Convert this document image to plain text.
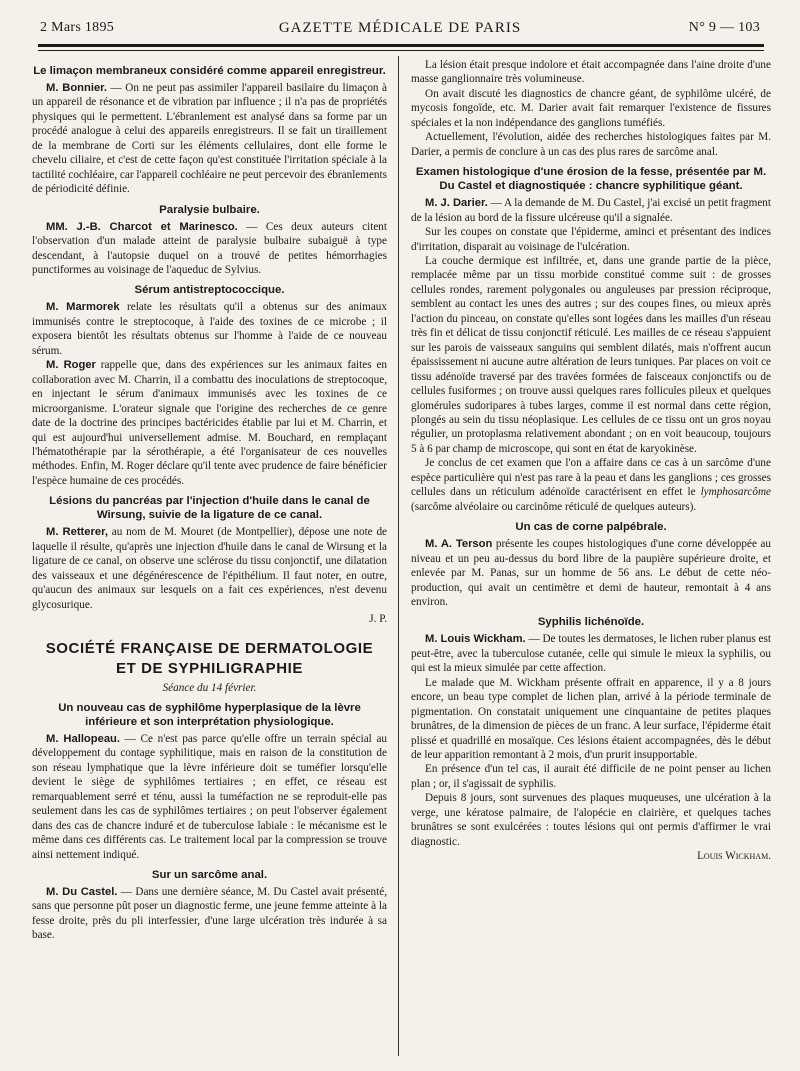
2 Mars 1895	GAZETTE MÉDICALE DE PARIS	N° 9 — 103
Le limaçon membraneux considéré comme appareil enregistreur.

M. Bonnier. — On ne peut pas assimiler l'appareil basilaire du limaçon à un appareil de résonance et de vibration par influence ; il n'a pas de propriétés physiques qui le permettent. L'ébranlement est analysé dans sa forme par un procédé analogue à celui des appareils enregistreurs. Il se fait un tiraillement de la membrane de Corti sur les éléments cellulaires, dont elle forme le chevelu ciliaire, et c'est de cette façon qu'est constituée l'irritation spéciale à la tactilité cochléaire, car l'appareil cochléaire ne peut percevoir des ébranlements de périodicité définie.

Paralysie bulbaire.

MM. J.-B. Charcot et Marinesco. — Ces deux auteurs citent l'observation d'un malade atteint de paralysie bulbaire subaiguë à type descendant, à l'autopsie duquel on a trouvé de petites hémorrhagies punctiformes au voisinage de l'aqueduc de Sylvius.

Sérum antistreptococcique.

M. Marmorek relate les résultats qu'il a obtenus sur des animaux immunisés contre le streptocoque, à l'aide des toxines de ce microbe ; il exposera bientôt les résultats obtenus sur l'homme à l'aide de ce nouveau sérum.

M. Roger rappelle que, dans des expériences sur les animaux faites en collaboration avec M. Charrin, il a combattu des inoculations de streptocoque, en injectant le sérum d'animaux immunisés avec les toxines de ce microorganisme. L'orateur signale que l'origine des recherches de ce genre date de la doctrine des principes bactéricides établie par lui et M. Charrin, et qui est aujourd'hui universellement admise. M. Bouchard, en remplaçant l'hématothérapie par la sérothérapie, a été l'organisateur de ces nouvelles méthodes. Enfin, M. Roger déclare qu'il tente avec prudence de faire bénéficier l'espèce humaine de ces procédés.

Lésions du pancréas par l'injection d'huile dans le canal de Wirsung, suivie de la ligature de ce canal.

M. Retterer, au nom de M. Mouret (de Montpellier), dépose une note de laquelle il résulte, qu'après une injection d'huile dans le canal de Wirsung et la ligature de ce canal, on observe une sclérose du tissu conjonctif, une dilatation des vaisseaux et une dégénérescence de l'épithélium. Il faut noter, en outre, qu'aucun des animaux sur lesquels on a fait ces expériences, n'est devenu glycosurique.

J. P.

SOCIÉTÉ FRANÇAISE DE DERMATOLOGIE
ET DE SYPHILIGRAPHIE

Séance du 14 février.

Un nouveau cas de syphilôme hyperplasique de la lèvre inférieure et son interprétation physiologique.

M. Hallopeau. — Ce n'est pas parce qu'elle offre un terrain spécial au développement du contage syphilitique, mais en raison de la constitution de son réseau lymphatique que la lèvre inférieure doit se tuméfier lorsqu'elle devient le siège de syphilômes tertiaires ; en effet, ce réseau est remarquablement serré et ténu, aussi la tuméfaction ne se reproduit-elle pas seulement dans les cas de syphilômes tertiaires ; on peut l'observer également dans des cas de chancre induré et de tuberculose labiale : le mécanisme est le même dans ces différents cas. Le traitement local par la compression se trouve ainsi nettement indiqué.

Sur un sarcôme anal.

M. Du Castel. — Dans une dernière séance, M. Du Castel avait présenté, sans que personne pût poser un diagnostic ferme, une jeune femme atteinte à la fesse droite, près du pli interfessier, d'une large ulcération très indurée à sa base.

La lésion était presque indolore et était accompagnée dans l'aine droite d'une masse ganglionnaire très volumineuse.

On avait discuté les diagnostics de chancre géant, de syphilôme ulcéré, de mycosis fongoïde, etc. M. Darier avait fait remarquer l'existence de fissures spéciales et la non indépendance des ganglions tuméfiés.

Actuellement, l'évolution, aidée des recherches histologiques faites par M. Darier, a permis de conclure à un cas des plus rares de sarcôme anal.

Examen histologique d'une érosion de la fesse, présentée par M. Du Castel et diagnostiquée : chancre syphilitique géant.

M. J. Darier. — A la demande de M. Du Castel, j'ai excisé un petit fragment de la lésion au bord de la fissure ulcéreuse qu'il a signalée.

Sur les coupes on constate que l'épiderme, aminci et présentant des indices d'irritation, disparait au voisinage de l'ulcération.

La couche dermique est infiltrée, et, dans une grande partie de la pièce, remplacée même par un tissu morbide constitué comme suit : de grosses cellules rondes, rarement polygonales ou anguleuses par pression réciproque, semblent au contact les unes des autres ; sur des coupes fines, ou mieux après l'action du pinceau, on constate qu'elles sont logées dans les mailles d'un réseau très fin et délicat de tissu conjonctif réticulé. Les mailles de ce réseau s'appuient sur les parois de vaisseaux sanguins qui semblent dilatés, mais n'offrent aucun épaississement ni aucune autre altération de leurs tuniques. Par places on voit ce tissu adénoïde traversé par des travées formées de faisceaux conjonctifs ou de cellules fusiformes ; on trouve aussi quelques rares follicules pileux et quelques glomérules sudoripares à tubes larges, comme il est normal dans cette région, plongés au sein du tissu néoplasique. Les cellules de ce tissu ont un gros noyau régulier, un protoplasma relativement abondant ; on en voit beaucoup, toujours 5 à 6 par champ de microscope, qui sont en état de karyokinèse.

Je conclus de cet examen que l'on a affaire dans ce cas à un sarcôme d'une espèce particulière qui n'est pas rare à la peau et dans les ganglions ; ces grosses cellules dans un réticulum adénoïde caractérisent en effet le lymphosarcôme (sarcôme alvéolaire ou carcinôme réticulé de quelques auteurs).

Un cas de corne palpébrale.

M. A. Terson présente les coupes histologiques d'une corne développée au niveau et un peu au-dessus du bord libre de la paupière supérieure droite, et enlevée par M. Panas, sur un homme de 56 ans. Le début de cette néo-production, qui avait un centimètre et demi de hauteur, remontait à 4 ans environ.

Syphilis lichénoïde.

M. Louis Wickham. — De toutes les dermatoses, le lichen ruber planus est peut-être, avec la tuberculose cutanée, celle qui simule le mieux la syphilis, ou qui est la mieux simulée par cette affection.

Le malade que M. Wickham présente offrait en apparence, il y a 8 jours encore, un beau type complet de lichen plan, arrivé à la période terminale de pigmentation. On constatait uniquement une cinquantaine de petites plaques brunâtres, de la dimension de pièces de un franc. A leur surface, l'épiderme était plissé et quadrillé en mosaïque. Ces lésions étaient accompagnées, dès le début de leur apparition remontant à 2 mois, d'un prurit insupportable.

En présence d'un tel cas, il aurait été difficile de ne point penser au lichen plan ; or, il s'agissait de syphilis.

Depuis 8 jours, sont survenues des plaques muqueuses, une ulcération à la verge, une kératose palmaire, de l'alopécie en clairière, et quelques taches brunâtres se sont exulcérées : toutes lésions qui ont permis d'affirmer le vrai diagnostic.

Louis Wickham.
